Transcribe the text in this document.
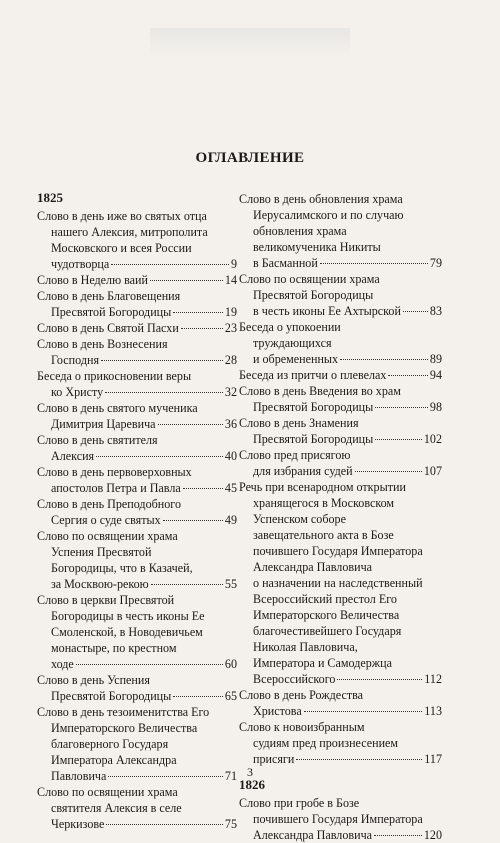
ОГЛАВЛЕНИЕ
1825
Слово в день иже во святых отца
нашего Алексия, митрополита
Московского и всея России
чудотворца	9
Слово в Неделю ваий	14
Слово в день Благовещения
Пресвятой Богородицы	19
Слово в день Святой Пасхи	23
Слово в день Вознесения
Господня	28
Беседа о прикосновении веры
ко Христу	32
Слово в день святого мученика
Димитрия Царевича	36
Слово в день святителя
Алексия	40
Слово в день первоверховных
апостолов Петра и Павла	45
Слово в день Преподобного
Сергия о суде святых	49
Слово по освящении храма
Успения Пресвятой
Богородицы, что в Казачей,
за Москвою-рекою	55
Слово в церкви Пресвятой
Богородицы в честь иконы Ее
Смоленской, в Новодевичьем
монастыре, по крестном
ходе	60
Слово в день Успения
Пресвятой Богородицы	65
Слово в день тезоименитства Его
Императорского Величества
благоверного Государя
Императора Александра
Павловича	71
Слово по освящении храма
святителя Алексия в селе
Черкизове	75
Слово в день обновления храма
Иерусалимского и по случаю
обновления храма
великомученика Никиты
в Басманной	79
Слово по освящении храма
Пресвятой Богородицы
в честь иконы Ее Ахтырской 83
Беседа о упокоении
труждающихся
и обремененных	89
Беседа из притчи о плевелах	94
Слово в день Введения во храм
Пресвятой Богородицы	98
Слово в день Знамения
Пресвятой Богородицы	102
Слово пред присягою
для избрания судей	107
Речь при всенародном открытии
хранящегося в Московском
Успенском соборе
завещательного акта в Бозе
почившего Государя Императора
Александра Павловича
о назначении на наследственный
Всероссийский престол Его
Императорского Величества
благочестивейшего Государя
Николая Павловича,
Императора и Самодержца
Всероссийского	112
Слово в день Рождества
Христова	113
Слово к новоизбранным
судиям пред произнесением
присяги	117
1826
Слово при гробе в Бозе
почившего Государя Императора
Александра Павловича	120
3
